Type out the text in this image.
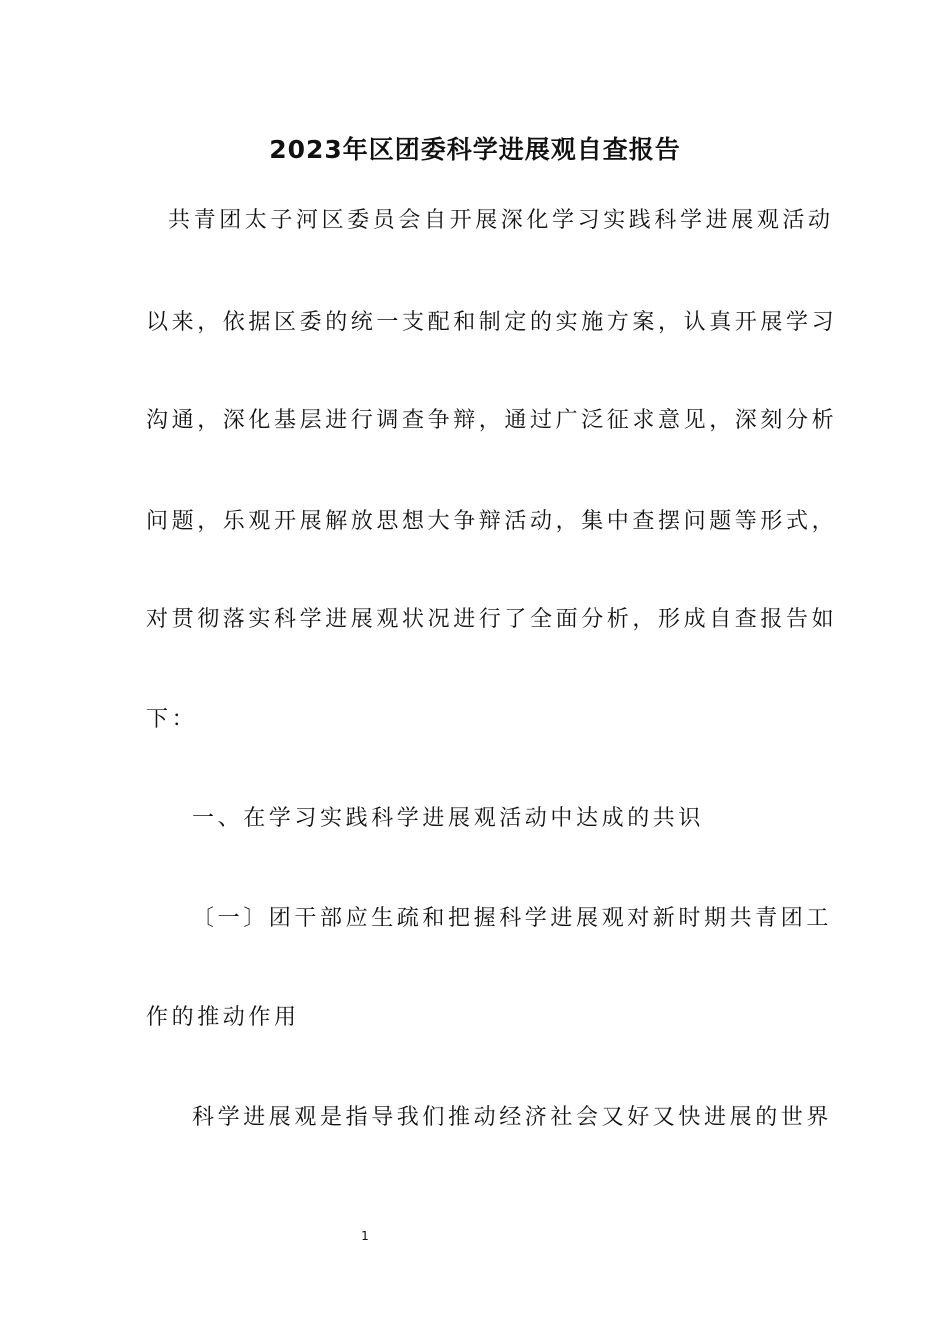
2023年区团委科学进展观自查报告

共青团太子河区委员会自开展深化学习实践科学进展观活动

以来，依据区委的统一支配和制定的实施方案，认真开展学习

沟通，深化基层进行调查争辩，通过广泛征求意见，深刻分析

问题，乐观开展解放思想大争辩活动，集中查摆问题等形式，

对贯彻落实科学进展观状况进行了全面分析，形成自查报告如

下：

一、在学习实践科学进展观活动中达成的共识

〔一〕团干部应生疏和把握科学进展观对新时期共青团工

作的推动作用

科学进展观是指导我们推动经济社会又好又快进展的世界

1
